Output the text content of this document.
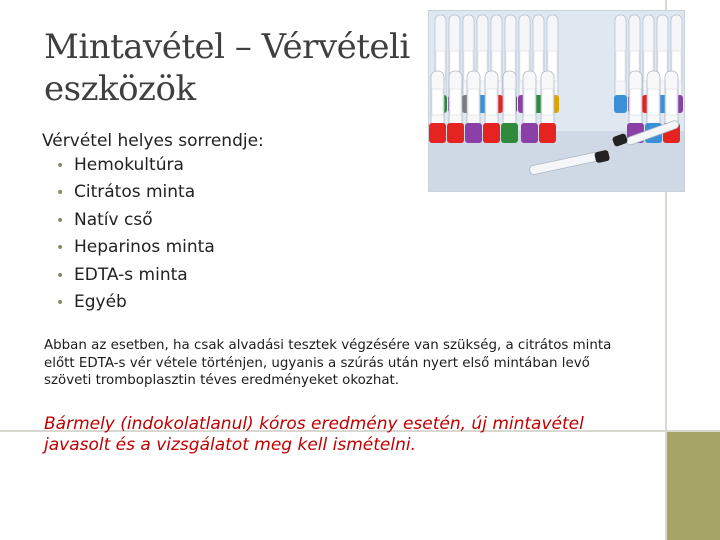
Mintavétel – Vérvételi
eszközök

Vérvétel helyes sorrendje:

• Hemokultúra
• Citrátos minta
• Natív cső
• Heparinos minta
• EDTA-s minta
• Egyéb

Abban az esetben, ha csak alvadási tesztek végzésére van szükség, a citrátos minta előtt EDTA-s vér vétele történjen, ugyanis a szúrás után nyert első mintában levő szöveti tromboplasztin téves eredményeket okozhat.

Bármely (indokolatlanul) kóros eredmény esetén, új mintavétel javasolt és a vizsgálatot meg kell ismételni.
